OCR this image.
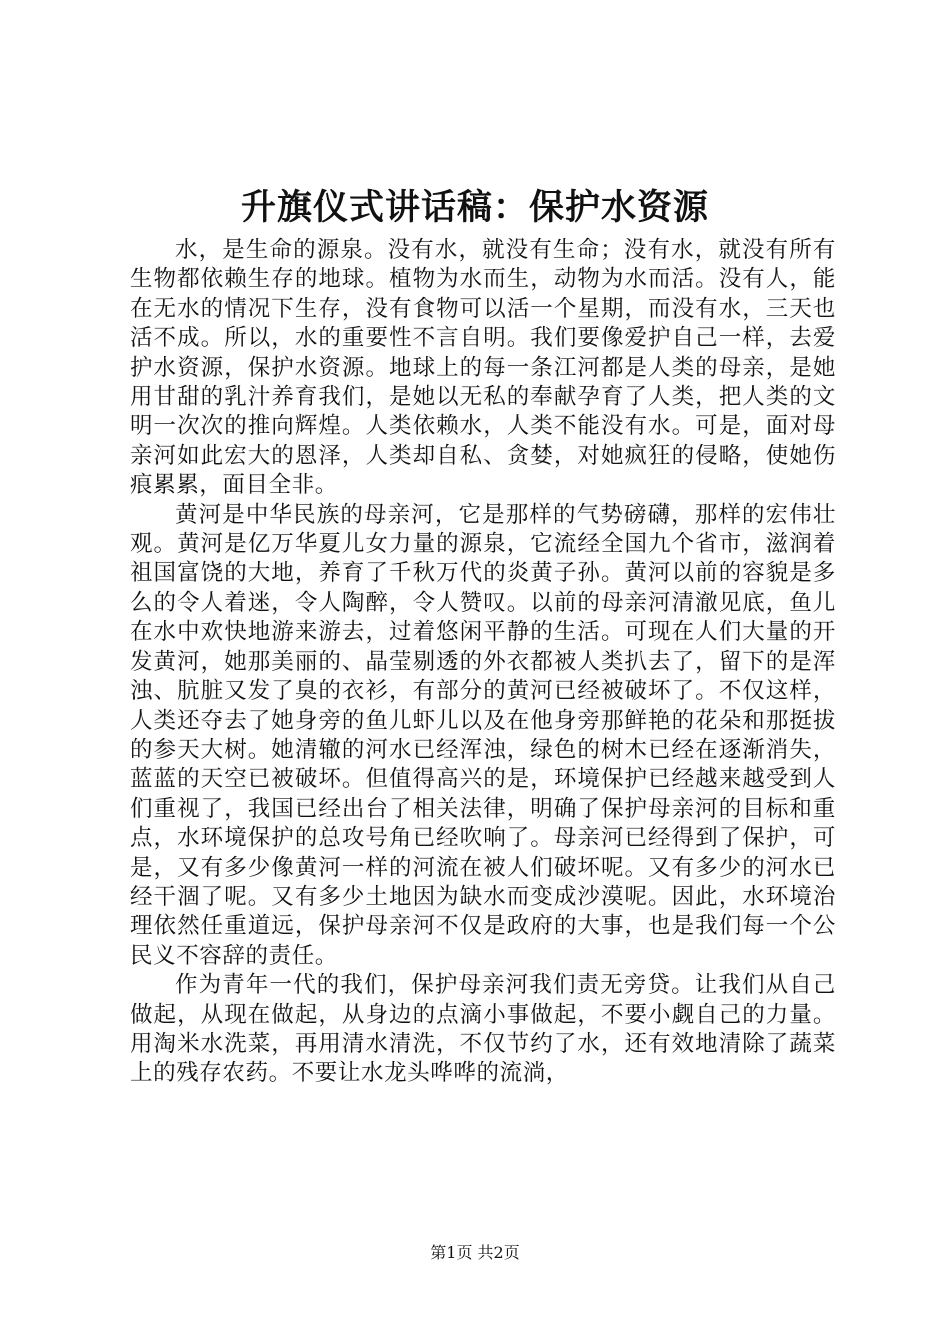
升旗仪式讲话稿：保护水资源

水，是生命的源泉。没有水，就没有生命；没有水，就没有所有生物都依赖生存的地球。植物为水而生，动物为水而活。没有人，能在无水的情况下生存，没有食物可以活一个星期，而没有水，三天也活不成。所以，水的重要性不言自明。我们要像爱护自己一样，去爱护水资源，保护水资源。地球上的每一条江河都是人类的母亲，是她用甘甜的乳汁养育我们，是她以无私的奉献孕育了人类，把人类的文明一次次的推向辉煌。人类依赖水，人类不能没有水。可是，面对母亲河如此宏大的恩泽，人类却自私、贪婪，对她疯狂的侵略，使她伤痕累累，面目全非。

黄河是中华民族的母亲河，它是那样的气势磅礴，那样的宏伟壮观。黄河是亿万华夏儿女力量的源泉，它流经全国九个省市，滋润着祖国富饶的大地，养育了千秋万代的炎黄子孙。黄河以前的容貌是多么的令人着迷，令人陶醉，令人赞叹。以前的母亲河清澈见底，鱼儿在水中欢快地游来游去，过着悠闲平静的生活。可现在人们大量的开发黄河，她那美丽的、晶莹剔透的外衣都被人类扒去了，留下的是浑浊、肮脏又发了臭的衣衫，有部分的黄河已经被破坏了。不仅这样，人类还夺去了她身旁的鱼儿虾儿以及在他身旁那鲜艳的花朵和那挺拔的参天大树。她清辙的河水已经浑浊，绿色的树木已经在逐渐消失，蓝蓝的天空已被破坏。但值得高兴的是，环境保护已经越来越受到人们重视了，我国已经出台了相关法律，明确了保护母亲河的目标和重点，水环境保护的总攻号角已经吹响了。母亲河已经得到了保护，可是，又有多少像黄河一样的河流在被人们破坏呢。又有多少的河水已经干涸了呢。又有多少土地因为缺水而变成沙漠呢。因此，水环境治理依然任重道远，保护母亲河不仅是政府的大事，也是我们每一个公民义不容辞的责任。

作为青年一代的我们，保护母亲河我们责无旁贷。让我们从自己做起，从现在做起，从身边的点滴小事做起，不要小觑自己的力量。用淘米水洗菜，再用清水清洗，不仅节约了水，还有效地清除了蔬菜上的残存农药。不要让水龙头哗哗的流淌，

第1页 共2页
